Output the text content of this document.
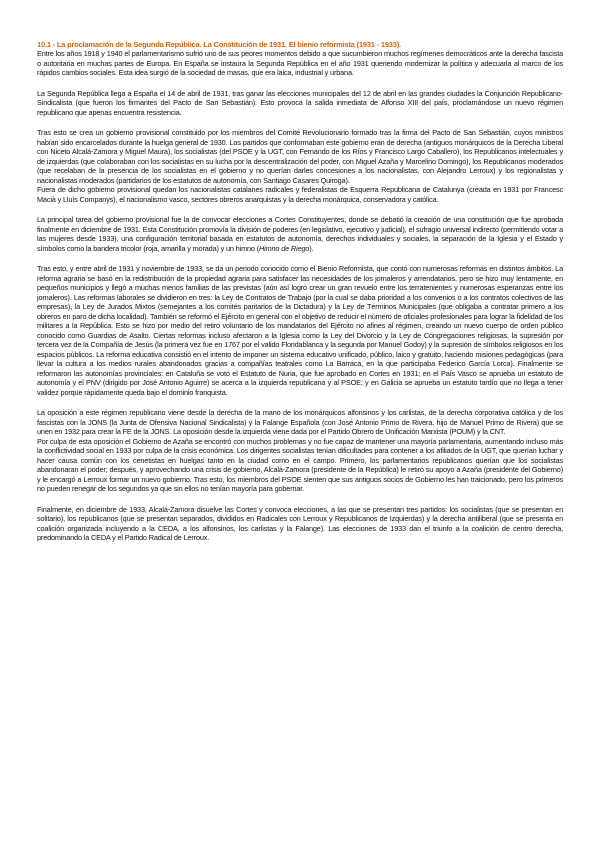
10.1 - La proclamación de la Segunda República. La Constitución de 1931. El bienio reformista (1931 - 1933).

Entre los años 1918 y 1940 el parlamentarismo sufrió uno de sus peores momentos debido a que sucumbieron muchos regímenes democráticos ante la derecha fascista o autoritaria en muchas partes de Europa. En España se instaura la Segunda República en el año 1931 queriendo modernizar la política y adecuarla al marco de los rápidos cambios sociales. Esta idea surgió de la sociedad de masas, que era laica, industrial y urbana.

La Segunda República llega a España el 14 de abril de 1931, tras ganar las elecciones municipales del 12 de abril en las grandes ciudades la Conjunción Republicano-Sindicalista (que fueron los firmantes del Pacto de San Sebastián). Esto provoca la salida inmediata de Alfonso XIII del país, proclamándose un nuevo régimen republicano que apenas encuentra resistencia.

Tras esto se crea un gobierno provisional constituido por los miembros del Comité Revolucionario formado tras la firma del Pacto de San Sebastián, cuyos ministros habían sido encarcelados durante la huelga general de 1930. Los partidos que conformaban este gobierno eran de derecha (antiguos monárquicos de la Derecha Liberal con Niceto Alcalá-Zamora y Miguel Maura), los socialistas (del PSOE y la UGT, con Fernando de los Ríos y Francisco Largo Caballero), los Republicanos intelectuales y de izquierdas (que colaboraban con los socialistas en su lucha por la descentralización del poder, con Miguel Azaña y Marcelino Domingo), los Republicanos moderados (que recelaban de la presencia de los socialistas en el gobierno y no querían darles concesiones a los nacionalistas, con Alejandro Lerroux) y los regionalistas y nacionalistas moderados (partidarios de los estatutos de autonomía, con Santiago Casares Quiroga).

Fuera de dicho gobierno provisional quedan los nacionalistas catalanes radicales y federalistas de Esquerra Republicana de Catalunya (creada en 1931 por Francesc Macià y Lluís Companys), el nacionalismo vasco, sectores obreros anarquistas y la derecha monárquica, conservadora y católica.

La principal tarea del gobierno provisional fue la de convocar elecciones a Cortes Constituyentes, donde se debatió la creación de una constitución que fue aprobada finalmente en diciembre de 1931. Esta Constitución promovía la división de poderes (en legislativo, ejecutivo y judicial), el sufragio universal indirecto (permitiendo votar a las mujeres desde 1933), una configuración territorial basada en estatutos de autonomía, derechos individuales y sociales, la separación de la Iglesia y el Estado y símbolos como la bandera tricolor (roja, amarilla y morada) y un himno (Himno de Riego).

Tras esto, y entre abril de 1931 y noviembre de 1933, se da un periodo conocido como el Bienio Reformista, que contó con numerosas reformas en distintos ámbitos. La reforma agraria se basó en la redistribución de la propiedad agraria para satisfacer las necesidades de los jornaleros y arrendatarios, pero se hizo muy lentamente, en pequeños municipios y llegó a muchas menos familias de las previstas (aún así logró crear un gran revuelo entre los terratenientes y numerosas esperanzas entre los jornaleros). Las reformas laborales se dividieron en tres: la Ley de Contratos de Trabajo (por la cual se daba prioridad a los convenios o a los contratos colectivos de las empresas), la Ley de Jurados Mixtos (semejantes a los comités paritarios de la Dictadura) y la Ley de Términos Municipales (que obligaba a contratar primero a los obreros en paro de dicha localidad). También se reformó el Ejército en general con el objetivo de reducir el número de oficiales profesionales para lograr la fidelidad de los militares a la República. Esto se hizo por medio del retiro voluntario de los mandatarios del Ejército no afines al régimen, creando un nuevo cuerpo de orden público conocido como Guardias de Asalto. Ciertas reformas incluso afectaron a la Iglesia como la Ley del Divorcio y la Ley de Congregaciones religiosas, la supresión por tercera vez de la Compañía de Jesús (la primera vez fue en 1767 por el valido Floridablanca y la segunda por Manuel Godoy) y la supresión de símbolos religiosos en los espacios públicos. La reforma educativa consistió en el intento de imponer un sistema educativo unificado, público, laico y gratuito, haciendo misiones pedagógicas (para llevar la cultura a los medios rurales abandonados gracias a compañías teatrales como La Barraca, en la que participaba Federico García Lorca). Finalmente se reformaron las autonomías provinciales: en Cataluña se votó el Estatuto de Nuria, que fue aprobado en Cortes en 1931; en el País Vasco se aprueba un estatuto de autonomía y el PNV (dirigido por José Antonio Aguirre) se acerca a la izquierda republicana y al PSOE; y en Galicia se aprueba un estatuto tardío que no llega a tener validez porque rápidamente queda bajo el dominio franquista.

La oposición a este régimen republicano viene desde la derecha de la mano de los monárquicos alfonsinos y los carlistas, de la derecha corporativa católica y de los fascistas con la JONS (la Junta de Ofensiva Nacional Sindicalista) y la Falange Española (con José Antonio Primo de Rivera, hijo de Manuel Primo de Rivera) que se unen en 1932 para crear la FE de la JONS. La oposición desde la izquierda viene dada por el Partido Obrero de Unificación Marxista (POUM) y la CNT.

Por culpa de esta oposición el Gobierno de Azaña se encontró con muchos problemas y no fue capaz de mantener una mayoría parlamentaria, aumentando incluso más la conflictividad social en 1933 por culpa de la crisis económica. Los dirigentes socialistas tenían dificultades para contener a los afiliados de la UGT, que querían luchar y hacer causa común con los cenetistas en huelgas tanto en la ciudad como en el campo. Primero, los parlamentarios republicanos querían que los socialistas abandonaran el poder; después, y aprovechando una crisis de gobierno, Alcalá-Zamora (presidente de la República) le retiró su apoyo a Azaña (presidente del Gobierno) y le encargó a Lerroux formar un nuevo gobierno. Tras esto, los miembros del PSOE sienten que sus antiguos socios de Gobierno les han traicionado, pero los primeros no pueden renegar de los segundos ya que sin ellos no tenían mayoría para gobernar.

Finalmente, en diciembre de 1933, Alcalá-Zamora disuelve las Cortes y convoca elecciones, a las que se presentan tres partidos: los socialistas (que se presentan en solitario), los republicanos (que se presentan separados, divididos en Radicales con Lerroux y Republicanos de Izquierdas) y la derecha antiliberal (que se presenta en coalición organizada incluyendo a la CEDA, a los alfonsinos, los carlistas y la Falange). Las elecciones de 1933 dan el triunfo a la coalición de centro derecha, predominando la CEDA y el Partido Radical de Lerroux.
